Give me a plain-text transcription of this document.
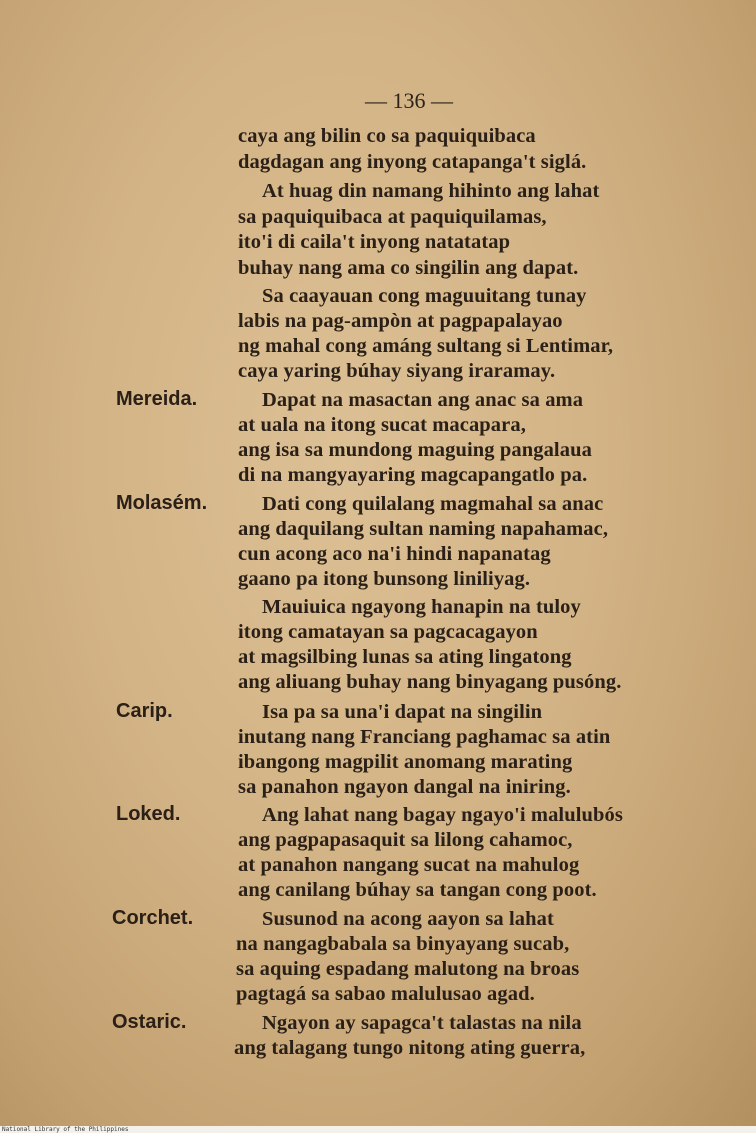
— 136 —
caya ang bilin co sa paquiquibaca
dagdagan ang inyong catapanga't siglá.
At huag din namang hihinto ang lahat
sa paquiquibaca at paquiquilamas,
ito'i di caila't inyong natatatap
buhay nang ama co singilin ang dapat.
Sa caayauan cong maguuitang tunay
labis na pag-ampòn at pagpapalayao
ng mahal cong amáng sultang si Lentimar,
caya yaring búhay siyang iraramay.
Mereida.	Dapat na masactan ang anac sa ama
at uala na itong sucat macapara,
ang isa sa mundong maguing pangalaua
di na mangyayaring magcapangatlo pa.
Molasém.	Dati cong quilalang magmahal sa anac
ang daquilang sultan naming napahamac,
cun acong aco na'i hindi napanatag
gaano pa itong bunsong liniliyag.
Mauiuica ngayong hanapin na tuloy
itong camatayan sa pagcacagayon
at magsilbing lunas sa ating lingatong
ang aliuang buhay nang binyagang pusóng.
Carip.	Isa pa sa una'i dapat na singilin
inutang nang Franciang paghamac sa atin
ibangong magpilit anomang marating
sa panahon ngayon dangal na iniring.
Loked.	Ang lahat nang bagay ngayo'i malulubós
ang pagpapasaquit sa lilong cahamoc,
at panahon nangang sucat na mahulog
ang canilang búhay sa tangan cong poot.
Corchet.	Susunod na acong aayon sa lahat
na nangagbabala sa binyayang sucab,
sa aquing espadang malutong na broas
pagtagá sa sabao malulusao agad.
Ostaric.	Ngayon ay sapagca't talastas na nila
ang talagang tungo nitong ating guerra,
National Library of the Philippines
